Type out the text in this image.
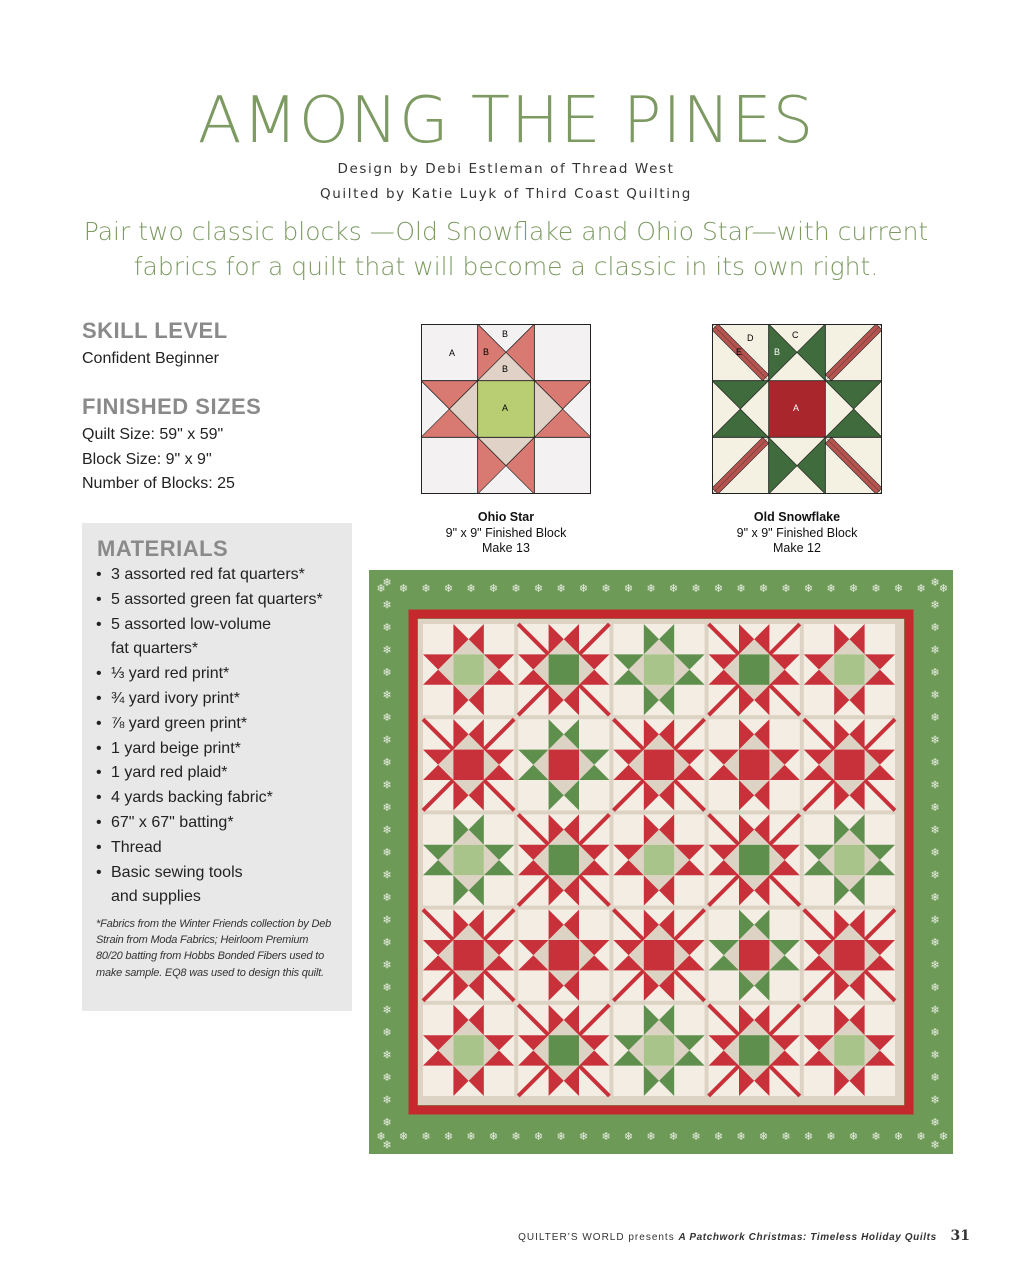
AMONG THE PINES
Design by Debi Estleman of Thread West
Quilted by Katie Luyk of Third Coast Quilting
Pair two classic blocks —Old Snowflake and Ohio Star—with current
fabrics for a quilt that will become a classic in its own right.
SKILL LEVEL
Confident Beginner
FINISHED SIZES
Quilt Size: 59" x 59"
Block Size: 9" x 9"
Number of Blocks: 25
MATERIALS
• 3 assorted red fat quarters*
• 5 assorted green fat quarters*
• 5 assorted low-volume
fat quarters*
• ⅓ yard red print*
• ¾ yard ivory print*
• ⅞ yard green print*
• 1 yard beige print*
• 1 yard red plaid*
• 4 yards backing fabric*
• 67" x 67" batting*
• Thread
• Basic sewing tools
and supplies
*Fabrics from the Winter Friends collection by Deb Strain from Moda Fabrics; Heirloom Premium 80/20 batting from Hobbs Bonded Fibers used to make sample. EQ8 was used to design this quilt.
A
B
B
B
A
Ohio Star
9" x 9" Finished Block
Make 13
D	C
E	B
A
Old Snowflake
9" x 9" Finished Block
Make 12
❄
❄
❄	❄
❄
❄
❄	❄
❄
❄
❄	❄
❄
❄
❄	❄
❄
❄
❄	❄
❄
❄
❄	❄
❄
❄
❄	❄
❄
❄
❄	❄
❄
❄
❄	❄
❄
❄
❄	❄
❄
❄
❄	❄
❄
❄
❄	❄
❄
❄
❄	❄
❄
❄
❄	❄
❄
❄
❄	❄
❄
❄
❄	❄
❄
❄
❄	❄
❄
❄
❄	❄
❄
❄
❄	❄
❄
❄
❄	❄
❄
❄
❄	❄
❄
❄
❄	❄
❄
❄
❄	❄
❄
❄
❄	❄
❄
❄
❄	❄
❄
❄
❄	❄
QUILTER’S WORLD presents A Patchwork Christmas: Timeless Holiday Quilts 31
